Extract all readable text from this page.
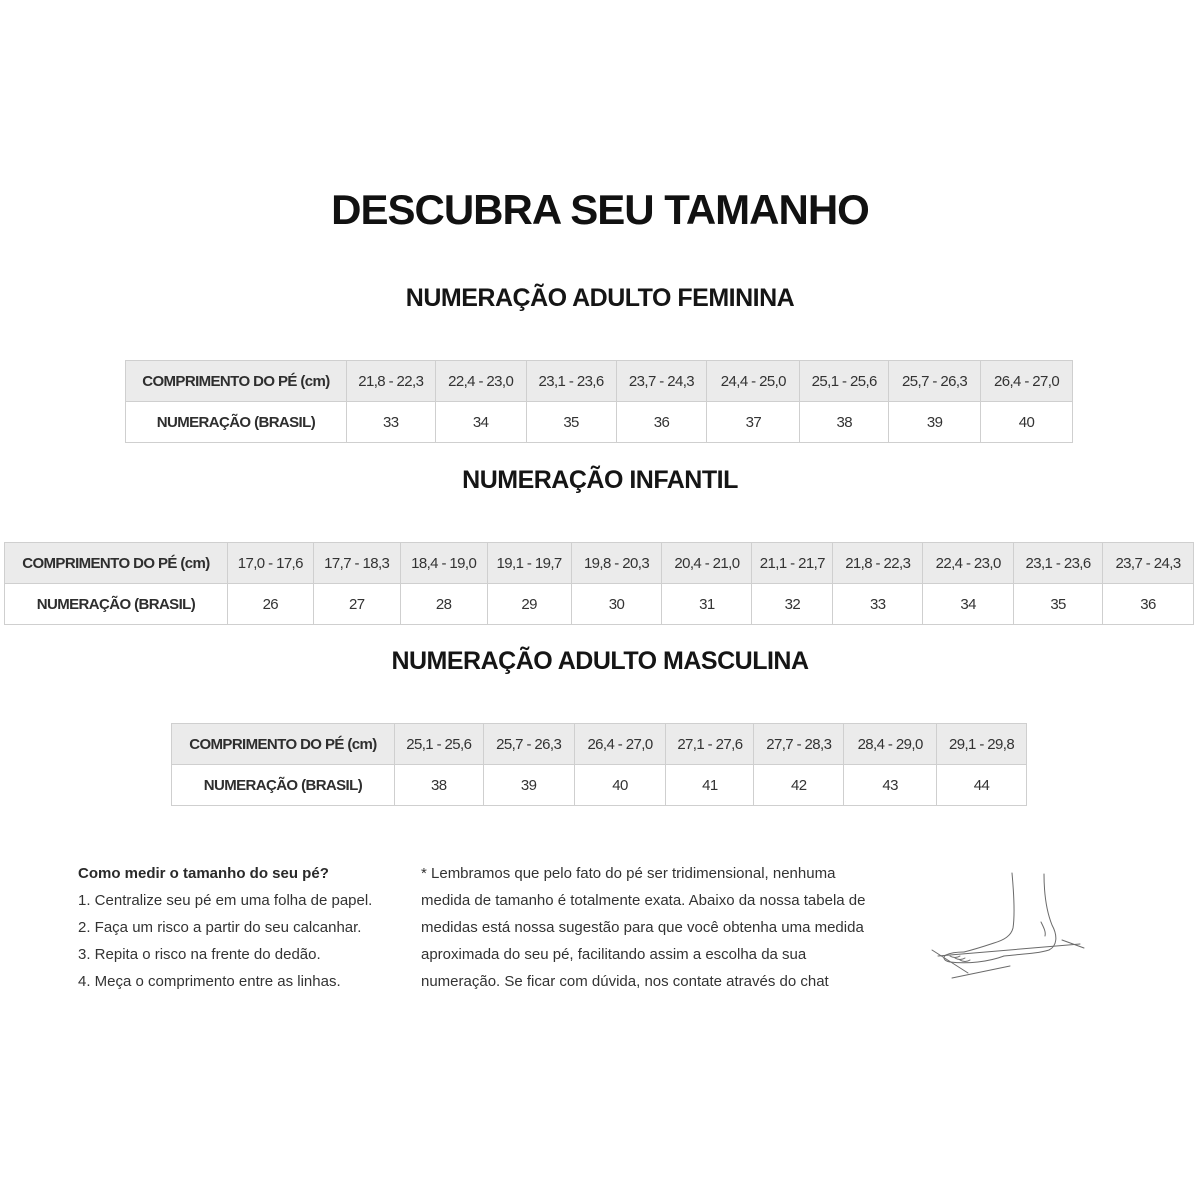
DESCUBRA SEU TAMANHO
NUMERAÇÃO ADULTO FEMININA
COMPRIMENTO DO PÉ (cm)	21,8 - 22,3	22,4 - 23,0	23,1 - 23,6	23,7 - 24,3	24,4 - 25,0	25,1 - 25,6	25,7 - 26,3	26,4 - 27,0
NUMERAÇÃO (BRASIL)	33	34	35	36	37	38	39	40
NUMERAÇÃO INFANTIL
COMPRIMENTO DO PÉ (cm)	17,0 - 17,6	17,7 - 18,3	18,4 - 19,0	19,1 - 19,7	19,8 - 20,3	20,4 - 21,0	21,1 - 21,7	21,8 - 22,3	22,4 - 23,0	23,1 - 23,6	23,7 - 24,3
NUMERAÇÃO (BRASIL)	26	27	28	29	30	31	32	33	34	35	36
NUMERAÇÃO ADULTO MASCULINA
COMPRIMENTO DO PÉ (cm)	25,1 - 25,6	25,7 - 26,3	26,4 - 27,0	27,1 - 27,6	27,7 - 28,3	28,4 - 29,0	29,1 - 29,8
NUMERAÇÃO (BRASIL)	38	39	40	41	42	43	44
Como medir o tamanho do seu pé?
1. Centralize seu pé em uma folha de papel.
2. Faça um risco a partir do seu calcanhar.
3. Repita o risco na frente do dedão.
4. Meça o comprimento entre as linhas.
* Lembramos que pelo fato do pé ser tridimensional, nenhuma
medida de tamanho é totalmente exata. Abaixo da nossa tabela de
medidas está nossa sugestão para que você obtenha uma medida
aproximada do seu pé, facilitando assim a escolha da sua
numeração. Se ficar com dúvida, nos contate através do chat
